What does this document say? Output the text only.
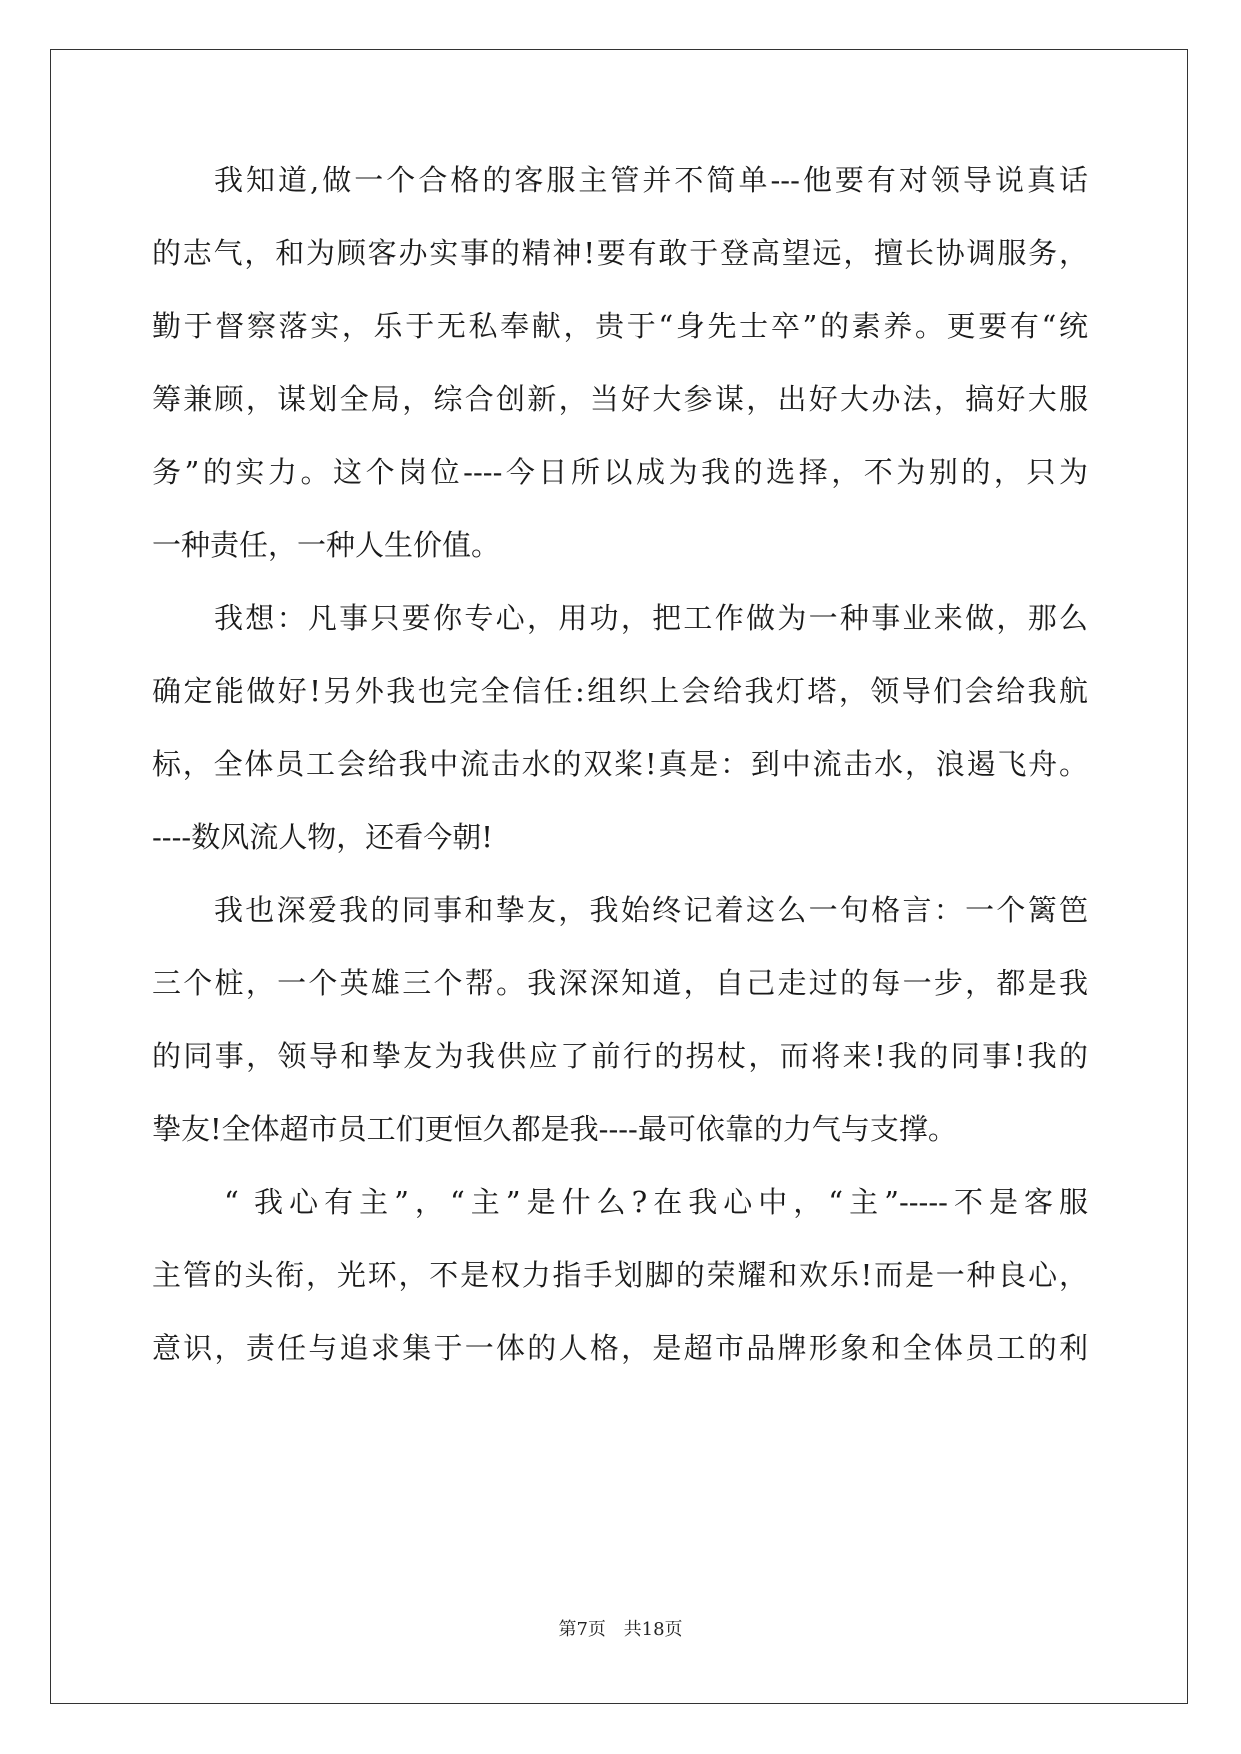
我知道,做一个合格的客服主管并不简单---他要有对领导说真话
的志气，和为顾客办实事的精神!要有敢于登高望远，擅长协调服务，
勤于督察落实，乐于无私奉献，贵于“身先士卒”的素养。更要有“统
筹兼顾，谋划全局，综合创新，当好大参谋，出好大办法，搞好大服
务”的实力。这个岗位----今日所以成为我的选择，不为别的，只为
一种责任，一种人生价值。
我想：凡事只要你专心，用功，把工作做为一种事业来做，那么
确定能做好!另外我也完全信任:组织上会给我灯塔，领导们会给我航
标，全体员工会给我中流击水的双桨!真是：到中流击水，浪遏飞舟。
----数风流人物，还看今朝!
我也深爱我的同事和挚友，我始终记着这么一句格言：一个篱笆
三个桩，一个英雄三个帮。我深深知道，自己走过的每一步，都是我
的同事，领导和挚友为我供应了前行的拐杖，而将来!我的同事!我的
挚友!全体超市员工们更恒久都是我----最可依靠的力气与支撑。
“ 我心有主”，“主”是什么?在我心中，“主”-----不是客服
主管的头衔，光环，不是权力指手划脚的荣耀和欢乐!而是一种良心，
意识，责任与追求集于一体的人格，是超市品牌形象和全体员工的利
第7页 共18页
